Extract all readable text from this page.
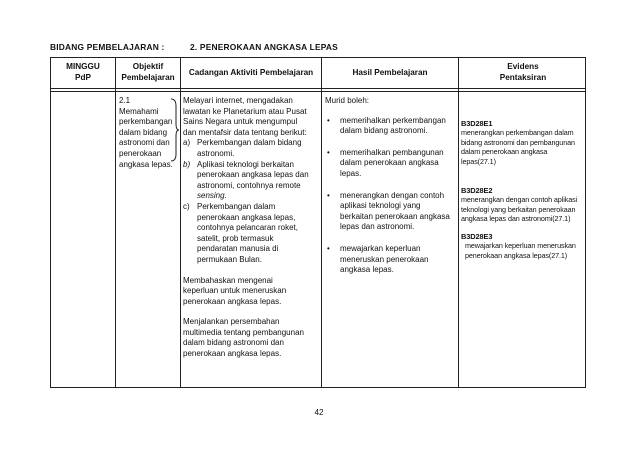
BIDANG PEMBELAJARAN :	2. PENEROKAAN ANGKASA LEPAS
MINGGU
PdP
Objektif
Pembelajaran
Cadangan Aktiviti Pembelajaran	Hasil Pembelajaran
Evidens
Pentaksiran
2.1
Memahami
perkembangan
dalam bidang
astronomi dan
penerokaan
angkasa lepas.
Melayari internet, mengadakan
lawatan ke Planetarium atau Pusat
Sains Negara untuk mengumpul
dan mentafsir data tentang berikut:
a) Perkembangan dalam bidang
astronomi.
b) Aplikasi teknologi berkaitan
penerokaan angkasa lepas dan
astronomi, contohnya remote
sensing.
c) Perkembangan dalam
penerokaan angkasa lepas,
contohnya pelancaran roket,
satelit, prob termasuk
pendaratan manusia di
permukaan Bulan.
Membahaskan mengenai
keperluan untuk meneruskan
penerokaan angkasa lepas.
Menjalankan persembahan
multimedia tentang pembangunan
dalam bidang astronomi dan
penerokaan angkasa lepas.
Murid boleh:
• memerihalkan perkembangan
dalam bidang astronomi.
• memerihalkan pembangunan
dalam penerokaan angkasa
lepas.
• menerangkan dengan contoh
aplikasi teknologi yang
berkaitan penerokaan angkasa
lepas dan astronomi.
• mewajarkan keperluan
meneruskan penerokaan
angkasa lepas.
B3D28E1
menerangkan perkembangan dalam
bidang astronomi dan pembangunan
dalam penerokaan angkasa
lepas(27.1)
B3D28E2
menerangkan dengan contoh aplikasi
teknologi yang berkaitan penerokaan
angkasa lepas dan astronomi(27.1)
B3D28E3
mewajarkan keperluan meneruskan
penerokaan angkasa lepas(27.1)
42
